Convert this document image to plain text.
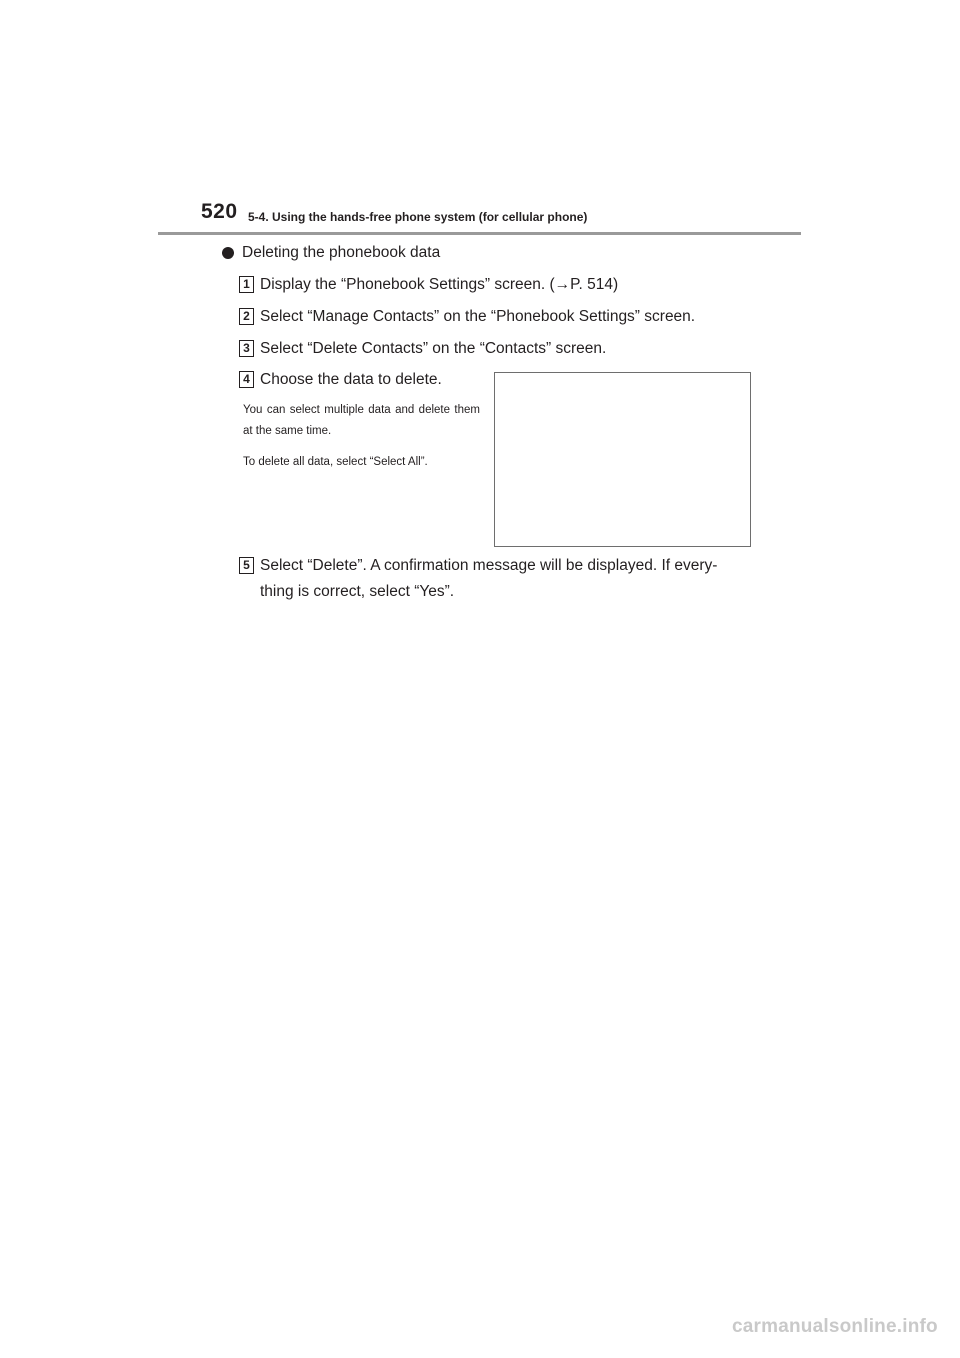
520 5-4. Using the hands-free phone system (for cellular phone)
Deleting the phonebook data
1 Display the “Phonebook Settings” screen. (→P. 514)
2 Select “Manage Contacts” on the “Phonebook Settings” screen.
3 Select “Delete Contacts” on the “Contacts” screen.
4 Choose the data to delete.
You can select multiple data and delete them at the same time.
To delete all data, select “Select All”.
5 Select “Delete”. A confirmation message will be displayed. If every-thing is correct, select “Yes”.
carmanualsonline.info
